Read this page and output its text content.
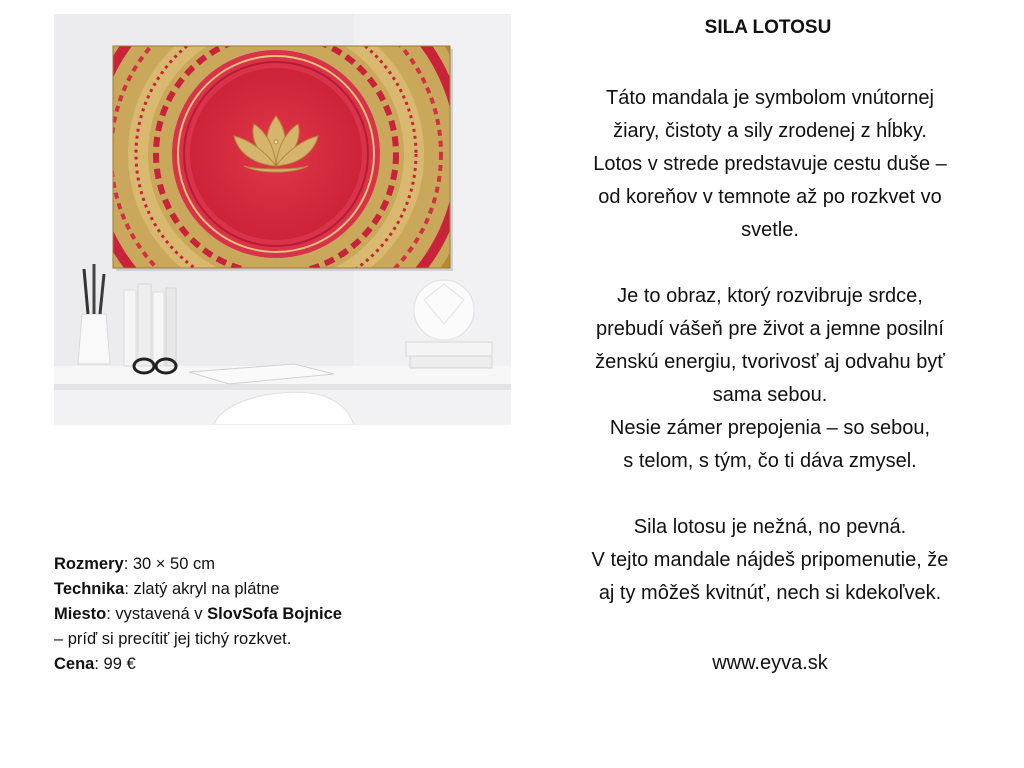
SILA LOTOSU

Táto mandala je symbolom vnútornej

žiary, čistoty a sily zrodenej z hĺbky.

Lotos v strede predstavuje cestu duše –

od koreňov v temnote až po rozkvet vo

svetle.

Je to obraz, ktorý rozvibruje srdce,

prebudí vášeň pre život a jemne posilní

ženskú energiu, tvorivosť aj odvahu byť

sama sebou.

Nesie zámer prepojenia – so sebou,

s telom, s tým, čo ti dáva zmysel.

Sila lotosu je nežná, no pevná.

V tejto mandale nájdeš pripomenutie, že

aj ty môžeš kvitnúť, nech si kdekoľvek.

www.eyva.sk
Rozmery: 30 × 50 cm
Technika: zlatý akryl na plátne
Miesto: vystavená v SlovSofa Bojnice
– príď si precítiť jej tichý rozkvet.
Cena: 99 €
